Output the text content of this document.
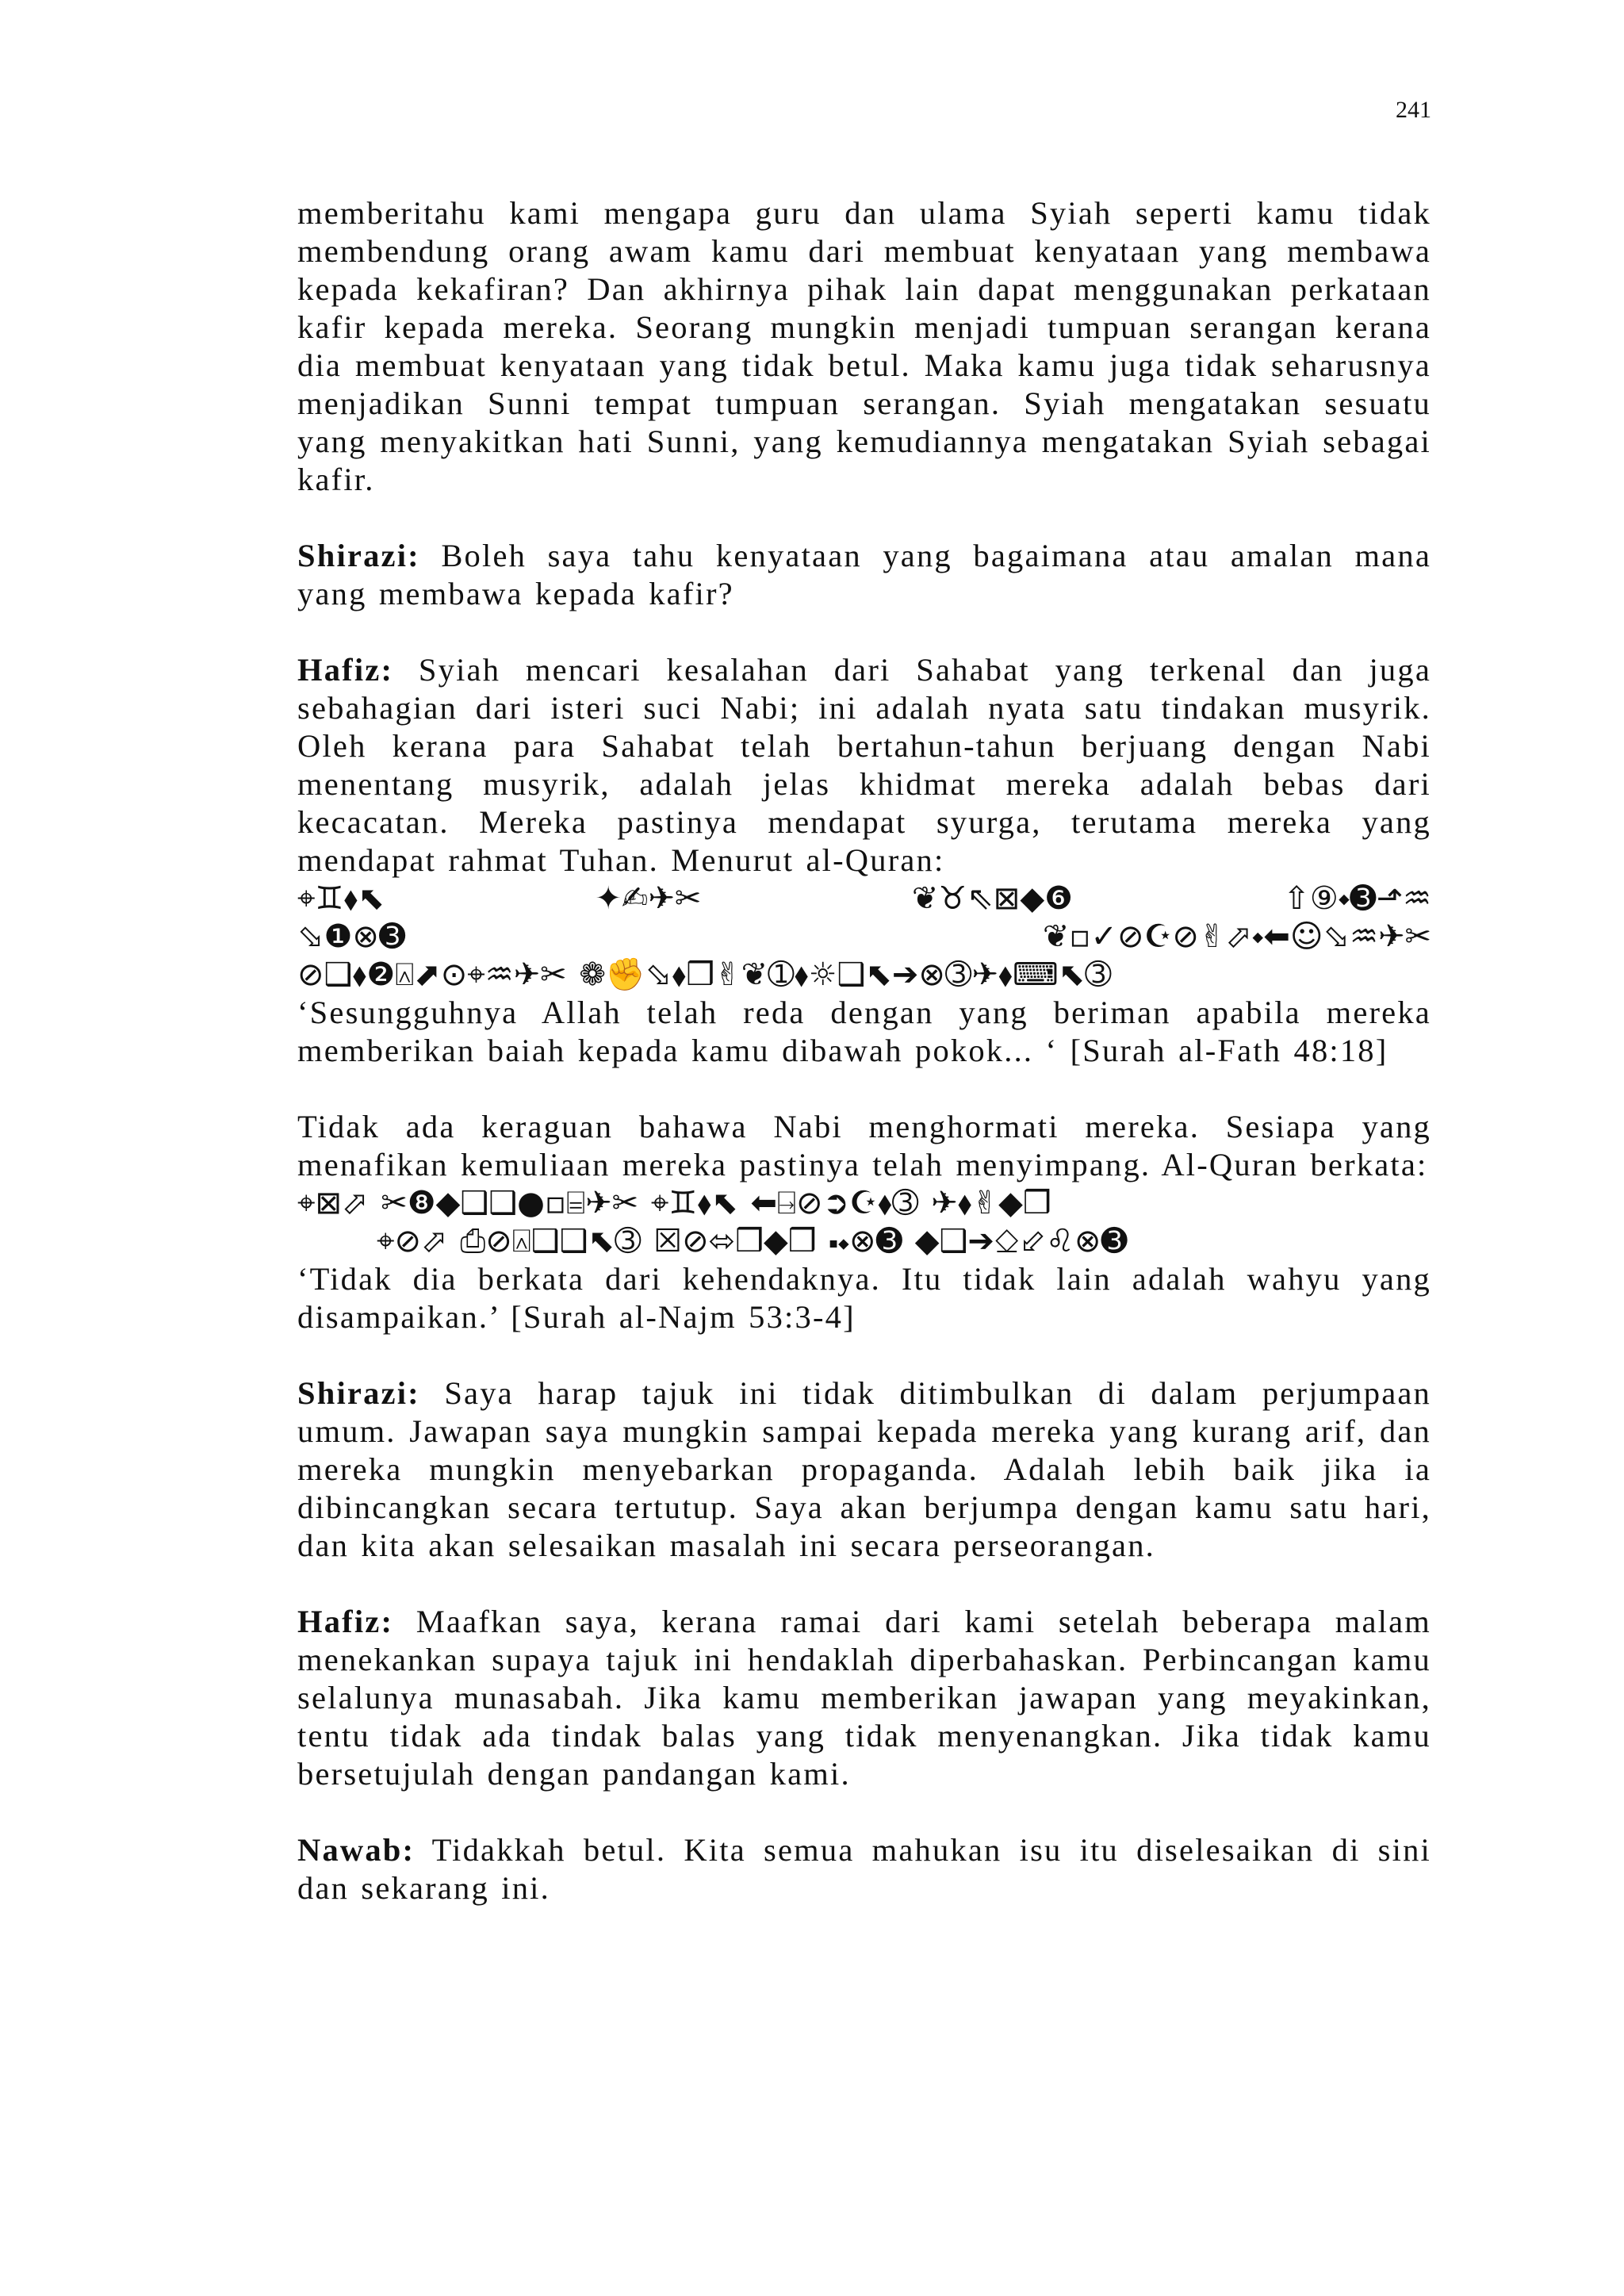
241

memberitahu kami mengapa guru dan ulama Syiah seperti kamu tidak membendung orang awam kamu dari membuat kenyataan yang membawa kepada kekafiran? Dan akhirnya pihak lain dapat menggunakan perkataan kafir kepada mereka. Seorang mungkin menjadi tumpuan serangan kerana dia membuat kenyataan yang tidak betul. Maka kamu juga tidak seharusnya menjadikan Sunni tempat tumpuan serangan. Syiah mengatakan sesuatu yang menyakitkan hati Sunni, yang kemudiannya mengatakan Syiah sebagai kafir.

Shirazi: Boleh saya tahu kenyataan yang bagaimana atau amalan mana yang membawa kepada kafir?

Hafiz: Syiah mencari kesalahan dari Sahabat yang terkenal dan juga sebahagian dari isteri suci Nabi; ini adalah nyata satu tindakan musyrik. Oleh kerana para Sahabat telah bertahun-tahun berjuang dengan Nabi menentang musyrik, adalah jelas khidmat mereka adalah bebas dari kecacatan. Mereka pastinya mendapat syurga, terutama mereka yang mendapat rahmat Tuhan. Menurut al-Quran:

⌖♊⬧⬉	✦✍︎✈✂︎	❦♉⇖⊠◆❻	⇧⑨⬩➌⬏♒
⬂❶⊗➌	❦▫✓⊘☪⊘✌⬀⬩⬅☺⬂♒✈✂︎
⊘❑⬧❷⍓⬈⊙⌖♒✈✂︎ ❁✊⬂⬧❒✌❦➀⬧☼❑⬉➔⊗➂✈⬧⌨⬉➂

‘Sesungguhnya Allah telah reda dengan yang beriman apabila mereka memberikan baiah kepada kamu dibawah pokok... ‘ [Surah al-Fath 48:18]

Tidak ada keraguan bahawa Nabi menghormati mereka. Sesiapa yang menafikan kemuliaan mereka pastinya telah menyimpang. Al-Quran berkata:

⌖⊠⬀ ✂❽◆❑❑●▫⌸✈✂︎ ⌖♊⬧⬉ ⬅⍈⊘➲☪⬧➂ ✈⬧✌◆❒
⌖⊘⬀ ⎙⊘⍓❑❑⬉➂ ☒⊘⬄❒◆❒ ⬝⬩⊗➌ ◆❑➔⎐⬃♌⊗➌

‘Tidak dia berkata dari kehendaknya. Itu tidak lain adalah wahyu yang disampaikan.’ [Surah al-Najm 53:3-4]

Shirazi: Saya harap tajuk ini tidak ditimbulkan di dalam perjumpaan umum. Jawapan saya mungkin sampai kepada mereka yang kurang arif, dan mereka mungkin menyebarkan propaganda. Adalah lebih baik jika ia dibincangkan secara tertutup. Saya akan berjumpa dengan kamu satu hari, dan kita akan selesaikan masalah ini secara perseorangan.

Hafiz: Maafkan saya, kerana ramai dari kami setelah beberapa malam menekankan supaya tajuk ini hendaklah diperbahaskan. Perbincangan kamu selalunya munasabah. Jika kamu memberikan jawapan yang meyakinkan, tentu tidak ada tindak balas yang tidak menyenangkan. Jika tidak kamu bersetujulah dengan pandangan kami.

Nawab: Tidakkah betul. Kita semua mahukan isu itu diselesaikan di sini dan sekarang ini.
